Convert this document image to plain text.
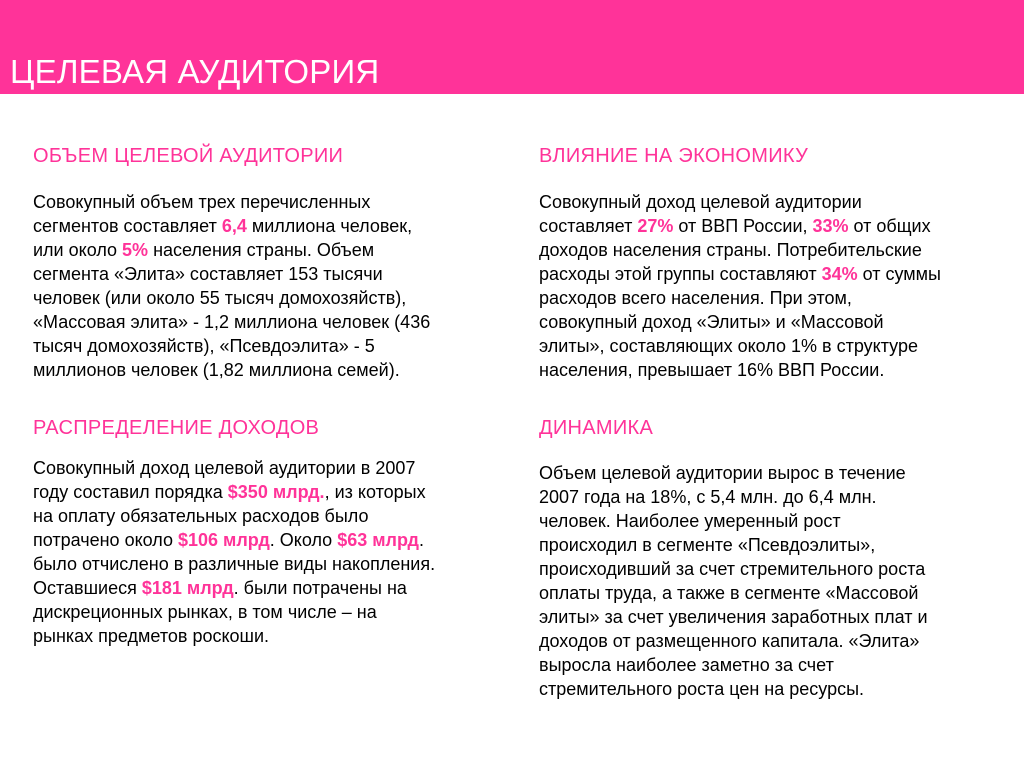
ЦЕЛЕВАЯ АУДИТОРИЯ
ОБЪЕМ ЦЕЛЕВОЙ АУДИТОРИИ
Совокупный объем трех перечисленных
сегментов составляет 6,4 миллиона человек,
или около 5% населения страны. Объем
сегмента «Элита» составляет 153 тысячи
человек (или около 55 тысяч домохозяйств),
«Массовая элита» - 1,2 миллиона человек (436
тысяч домохозяйств), «Псевдоэлита» - 5
миллионов человек (1,82 миллиона семей).
ВЛИЯНИЕ НА ЭКОНОМИКУ
Совокупный доход целевой аудитории
составляет 27% от ВВП России, 33% от общих
доходов населения страны. Потребительские
расходы этой группы составляют 34% от суммы
расходов всего населения. При этом,
совокупный доход «Элиты» и «Массовой
элиты», составляющих около 1% в структуре
населения, превышает 16% ВВП России.
РАСПРЕДЕЛЕНИЕ ДОХОДОВ
Совокупный доход целевой аудитории в 2007
году составил порядка $350 млрд., из которых
на оплату обязательных расходов было
потрачено около $106 млрд. Около $63 млрд.
было отчислено в различные виды накопления.
Оставшиеся $181 млрд. были потрачены на
дискреционных рынках, в том числе – на
рынках предметов роскоши.
ДИНАМИКА
Объем целевой аудитории вырос в течение
2007 года на 18%, с 5,4 млн. до 6,4 млн.
человек. Наиболее умеренный рост
происходил в сегменте «Псевдоэлиты»,
происходивший за счет стремительного роста
оплаты труда, а также в сегменте «Массовой
элиты» за счет увеличения заработных плат и
доходов от размещенного капитала. «Элита»
выросла наиболее заметно за счет
стремительного роста цен на ресурсы.
